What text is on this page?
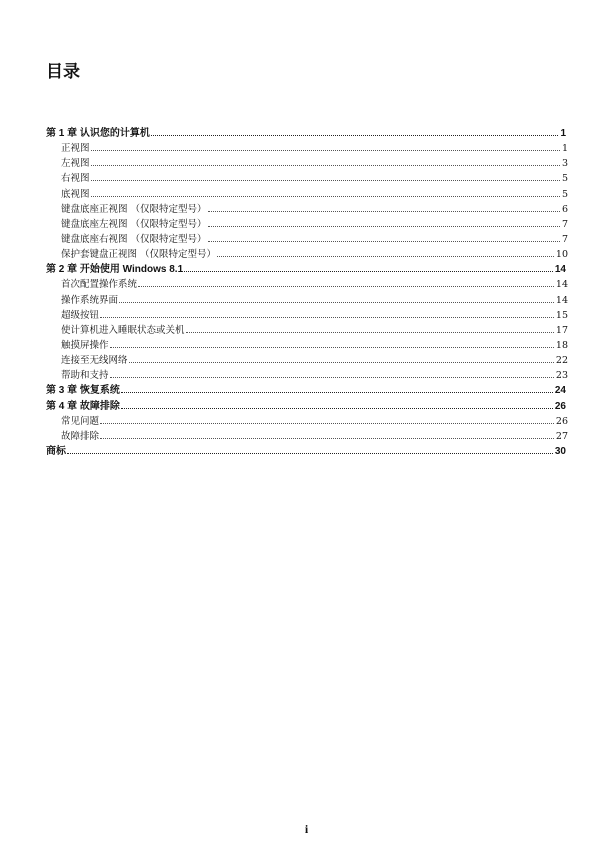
目录
第 1 章 认识您的计算机	1
正视图	1
左视图	3
右视图	5
底视图	5
键盘底座正视图 （仅限特定型号）	6
键盘底座左视图 （仅限特定型号）	7
键盘底座右视图 （仅限特定型号）	7
保护套键盘正视图 （仅限特定型号）	10
第 2 章 开始使用 Windows 8.1	14
首次配置操作系统	14
操作系统界面	14
超级按钮	15
使计算机进入睡眠状态或关机	17
触摸屏操作	18
连接至无线网络	22
帮助和支持	23
第 3 章 恢复系统	24
第 4 章 故障排除	26
常见问题	26
故障排除	27
商标	30
i
